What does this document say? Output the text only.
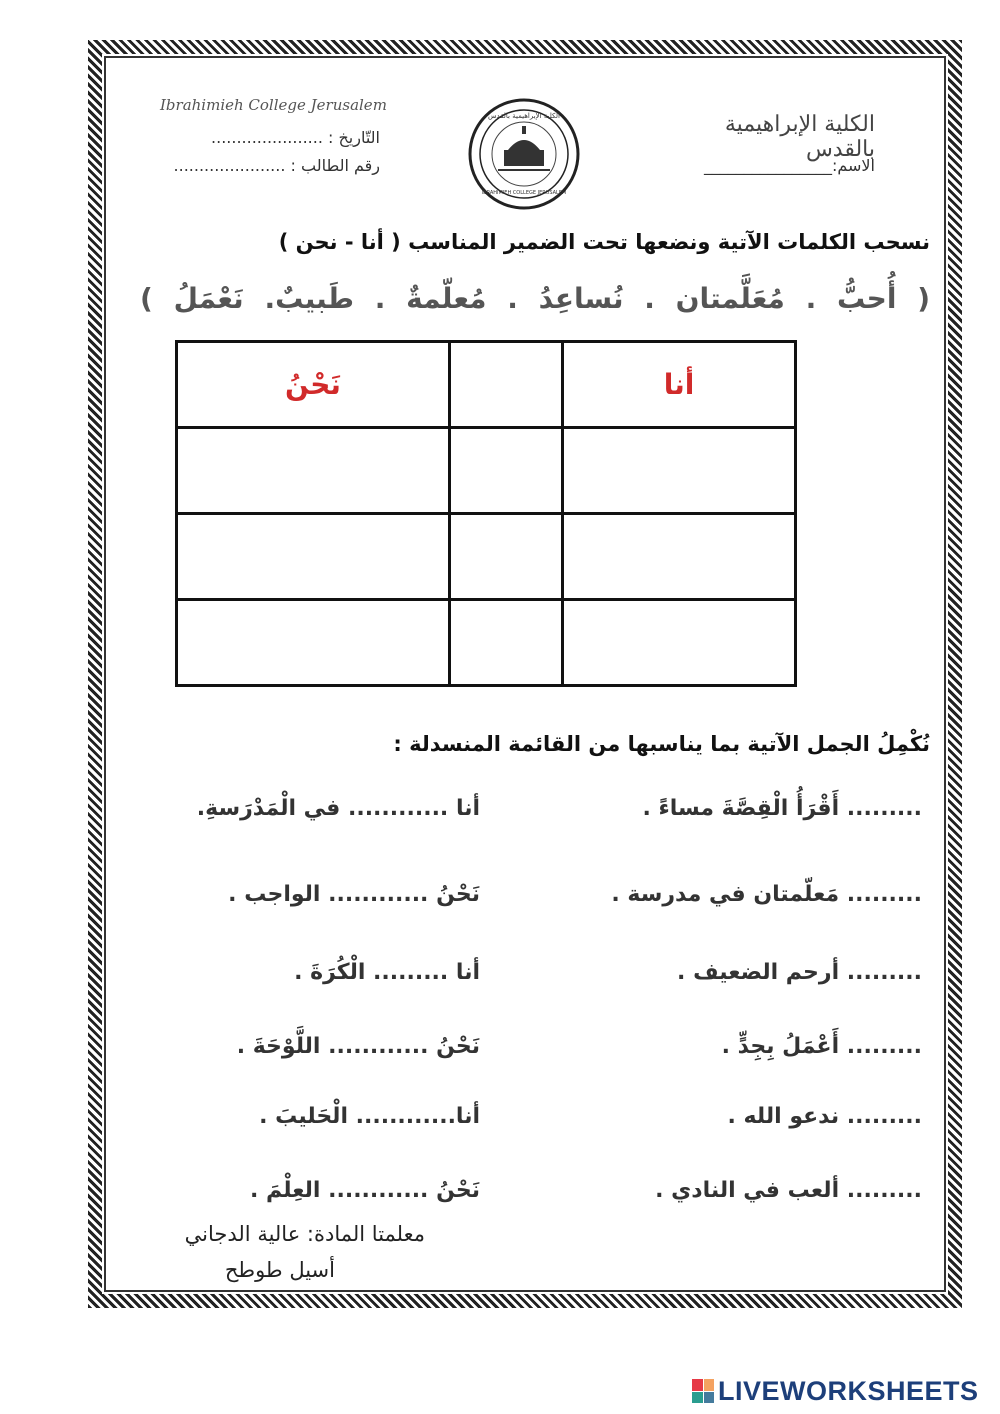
Ibrahimieh College Jerusalem
التّاريخ : ......................
رقم الطالب : ......................
الكلية الإبراهيمية بالقدس
IBRAHIMIEH COLLEGE JERUSALEM
الكلية الإبراهيمية بالقدس
الاسم:________________
نسحب الكلمات الآتية ونضعها تحت الضمير المناسب ( أنا - نحن )
(
أُحبُّ
.
مُعَلَّمتان
.
نُساعِدُ
.
مُعلّمةٌ
.
طَبيبٌ.
نَعْمَلُ
)
أنا		نَحْنُ

نُكْمِلُ الجمل الآتية بما يناسبها من القائمة المنسدلة :
......... أَقْرَأُ الْقِصَّةَ مساءً .
......... مَعلّمتان في مدرسة .
......... أرحم الضعيف .
......... أَعْمَلُ بِجِدٍّ .
......... ندعو الله .
......... ألعب في النادي .
أنا ............ في الْمَدْرَسةِ.
نَحْنُ ............ الواجب .
أنا ......... الْكُرَةَ .
نَحْنُ ............ اللَّوْحَةَ .
أنا............ الْحَليبَ .
نَحْنُ ............ العِلْمَ .
معلمتا المادة: عالية الدجاني
أسيل طوطح
LIVEWORKSHEETS
